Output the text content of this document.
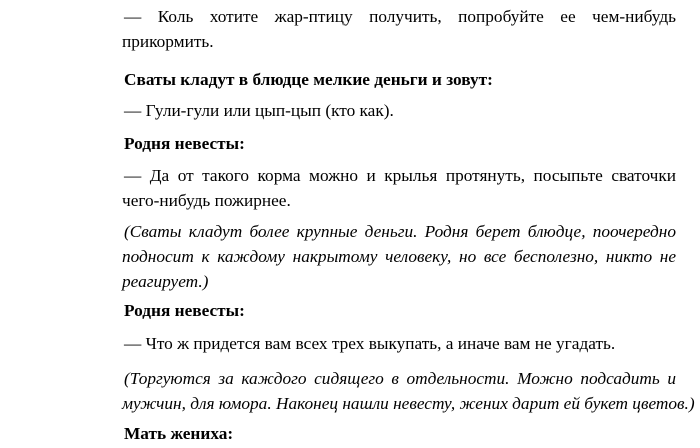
— Коль хотите жар-птицу получить, попробуйте ее чем-нибудь
прикормить.
Сваты кладут в блюдце мелкие деньги и зовут:
— Гули-гули или цып-цып (кто как).
Родня невесты:
— Да от такого корма можно и крылья протянуть, посыпьте сваточки
чего-нибудь пожирнее.
(Сваты кладут более крупные деньги. Родня берет блюдце, поочередно
подносит к каждому накрытому человеку, но все бесполезно, никто не
реагирует.)
Родня невесты:
— Что ж придется вам всех трех выкупать, а иначе вам не угадать.
(Торгуются за каждого сидящего в отдельности. Можно подсадить и
мужчин, для юмора. Наконец нашли невесту, жених дарит ей букет цветов.)
Мать жениха:
